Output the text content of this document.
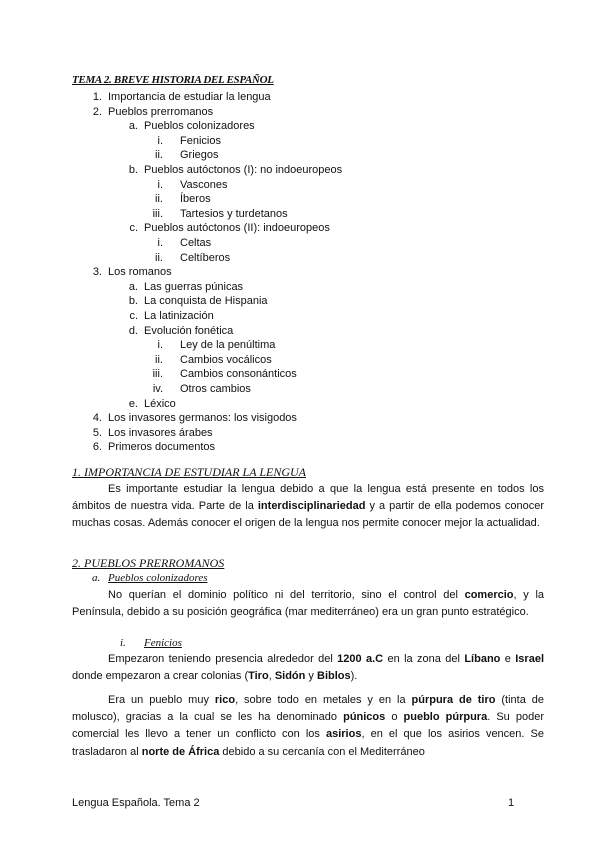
TEMA 2. BREVE HISTORIA DEL ESPAÑOL
1. Importancia de estudiar la lengua
2. Pueblos prerromanos
a. Pueblos colonizadores
i. Fenicios
ii. Griegos
b. Pueblos autóctonos (I): no indoeuropeos
i. Vascones
ii. Íberos
iii. Tartesios y turdetanos
c. Pueblos autóctonos (II): indoeuropeos
i. Celtas
ii. Celtíberos
3. Los romanos
a. Las guerras púnicas
b. La conquista de Hispania
c. La latinización
d. Evolución fonética
i. Ley de la penúltima
ii. Cambios vocálicos
iii. Cambios consonánticos
iv. Otros cambios
e. Léxico
4. Los invasores germanos: los visigodos
5. Los invasores árabes
6. Primeros documentos
1. IMPORTANCIA DE ESTUDIAR LA LENGUA
Es importante estudiar la lengua debido a que la lengua está presente en todos los ámbitos de nuestra vida. Parte de la interdisciplinariedad y a partir de ella podemos conocer muchas cosas. Además conocer el origen de la lengua nos permite conocer mejor la actualidad.
2. PUEBLOS PRERROMANOS
a. Pueblos colonizadores
No querían el dominio político ni del territorio, sino el control del comercio, y la Península, debido a su posición geográfica (mar mediterráneo) era un gran punto estratégico.
i. Fenicios
Empezaron teniendo presencia alrededor del 1200 a.C en la zona del Líbano e Israel donde empezaron a crear colonias (Tiro, Sidón y Biblos).
Era un pueblo muy rico, sobre todo en metales y en la púrpura de tiro (tinta de molusco), gracias a la cual se les ha denominado púnicos o pueblo púrpura. Su poder comercial les llevo a tener un conflicto con los asirios, en el que los asirios vencen. Se trasladaron al norte de África debido a su cercanía con el Mediterráneo
Lengua Española. Tema 2	1
